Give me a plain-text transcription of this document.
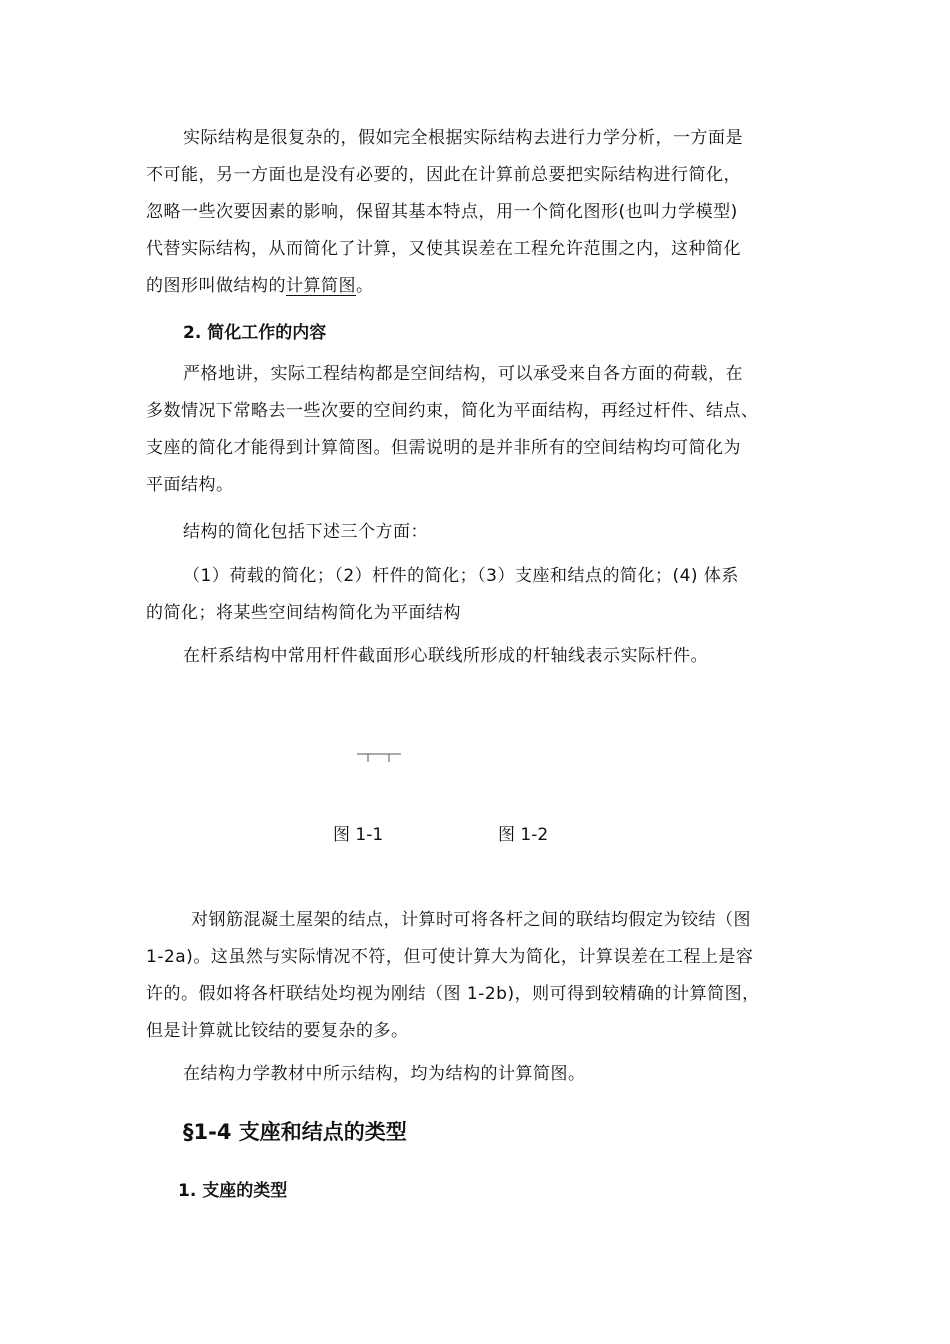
实际结构是很复杂的，假如完全根据实际结构去进行力学分析，一方面是
不可能，另一方面也是没有必要的，因此在计算前总要把实际结构进行简化，
忽略一些次要因素的影响，保留其基本特点，用一个简化图形(也叫力学模型)
代替实际结构，从而简化了计算，又使其误差在工程允许范围之内，这种简化
的图形叫做结构的计算简图。
2. 简化工作的内容
严格地讲，实际工程结构都是空间结构，可以承受来自各方面的荷载，在
多数情况下常略去一些次要的空间约束，简化为平面结构，再经过杆件、结点、
支座的简化才能得到计算简图。但需说明的是并非所有的空间结构均可简化为
平面结构。
结构的简化包括下述三个方面：
（1）荷载的简化；（2）杆件的简化；（3）支座和结点的简化；(4) 体系
的简化；将某些空间结构简化为平面结构
在杆系结构中常用杆件截面形心联线所形成的杆轴线表示实际杆件。
图 1-1	图 1-2
对钢筋混凝土屋架的结点，计算时可将各杆之间的联结均假定为铰结（图
1-2a)。这虽然与实际情况不符，但可使计算大为简化，计算误差在工程上是容
许的。假如将各杆联结处均视为刚结（图 1-2b)，则可得到较精确的计算简图，
但是计算就比铰结的要复杂的多。
在结构力学教材中所示结构，均为结构的计算简图。
§1-4 支座和结点的类型
1. 支座的类型
